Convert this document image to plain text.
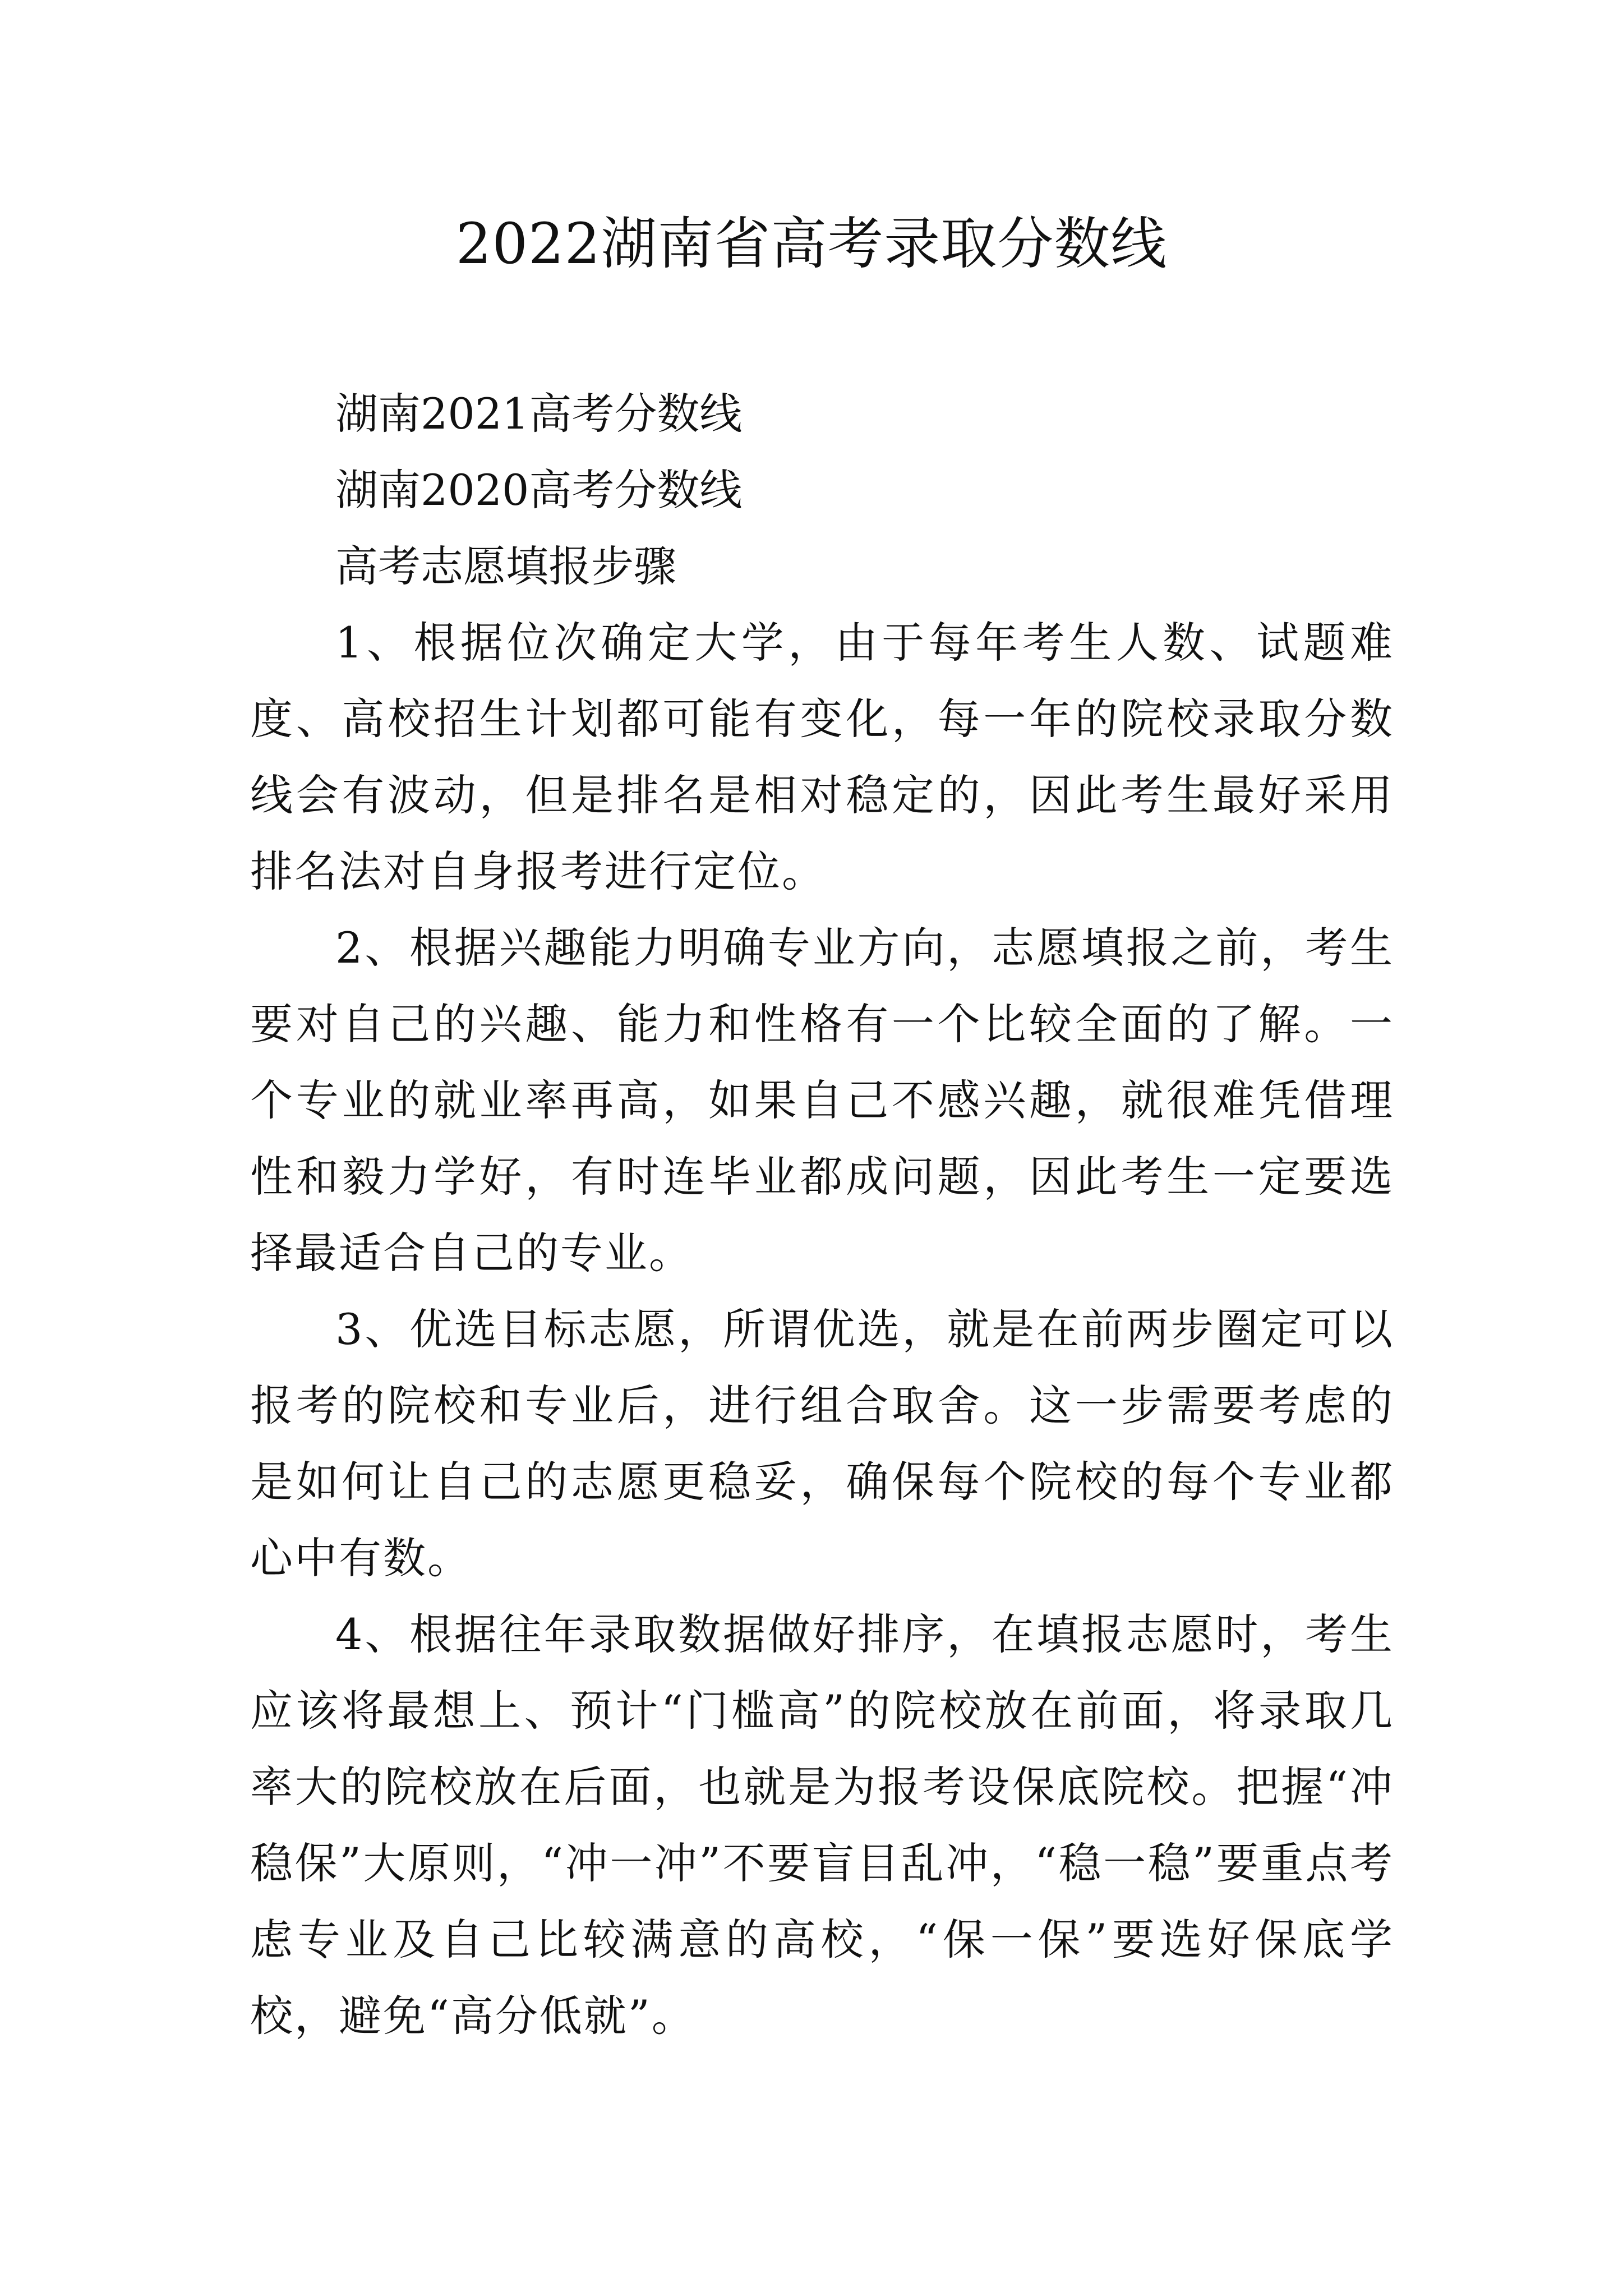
2022湖南省高考录取分数线
湖南2021高考分数线
湖南2020高考分数线
高考志愿填报步骤

1、根据位次确定大学，由于每年考生人数、试题难度、高校招生计划都可能有变化，每一年的院校录取分数线会有波动，但是排名是相对稳定的，因此考生最好采用排名法对自身报考进行定位。

2、根据兴趣能力明确专业方向，志愿填报之前，考生要对自己的兴趣、能力和性格有一个比较全面的了解。一个专业的就业率再高，如果自己不感兴趣，就很难凭借理性和毅力学好，有时连毕业都成问题，因此考生一定要选择最适合自己的专业。

3、优选目标志愿，所谓优选，就是在前两步圈定可以报考的院校和专业后，进行组合取舍。这一步需要考虑的是如何让自己的志愿更稳妥，确保每个院校的每个专业都心中有数。

4、根据往年录取数据做好排序，在填报志愿时，考生应该将最想上、预计“门槛高”的院校放在前面，将录取几率大的院校放在后面，也就是为报考设保底院校。把握“冲稳保”大原则，“冲一冲”不要盲目乱冲，“稳一稳”要重点考虑专业及自己比较满意的高校，“保一保”要选好保底学校，避免“高分低就”。
